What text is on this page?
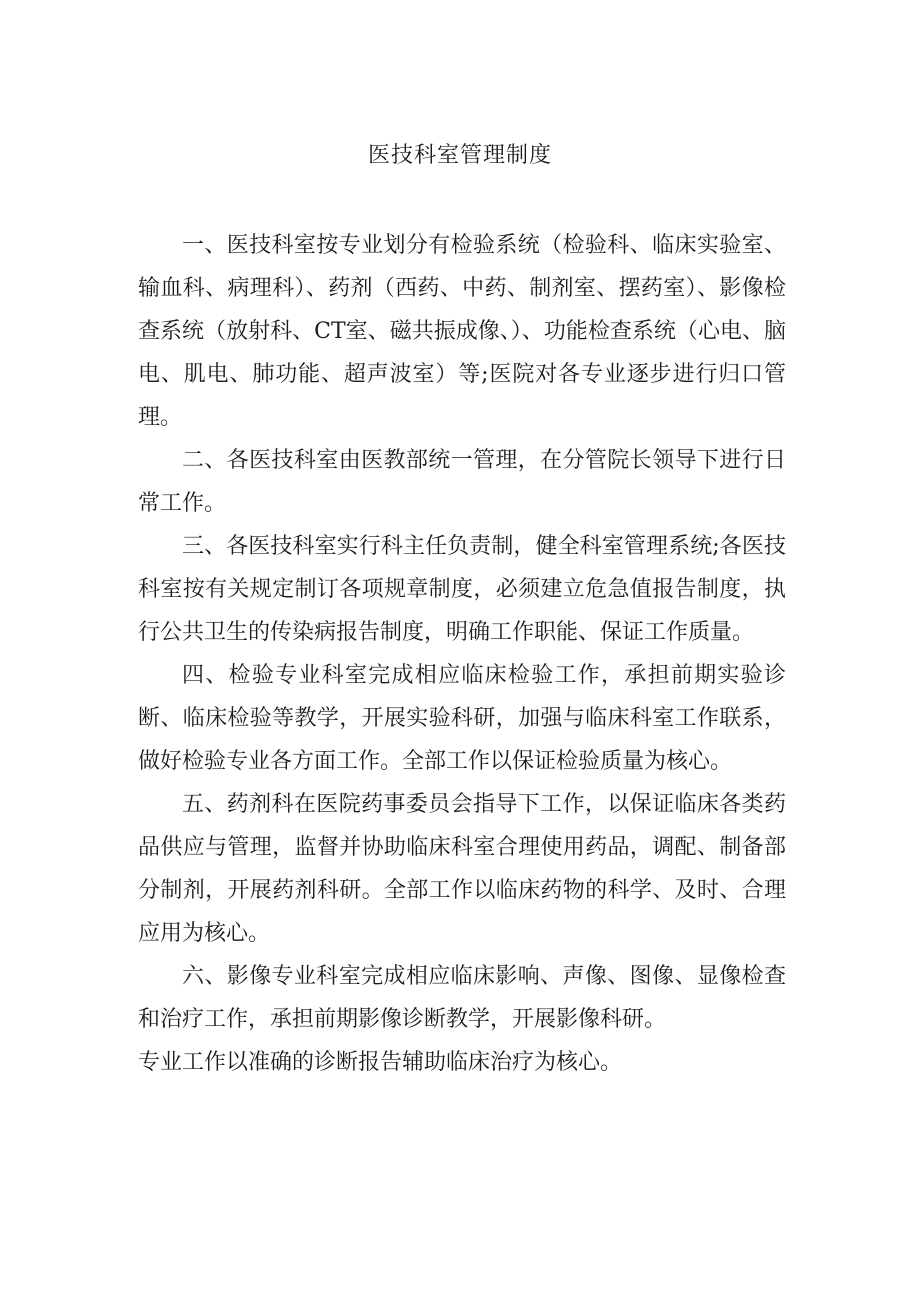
医技科室管理制度

一、医技科室按专业划分有检验系统（检验科、临床实验室、输血科、病理科）、药剂（西药、中药、制剂室、摆药室）、影像检查系统（放射科、CT室、磁共振成像、）、功能检查系统（心电、脑电、肌电、肺功能、超声波室）等;医院对各专业逐步进行归口管理。

二、各医技科室由医教部统一管理，在分管院长领导下进行日常工作。

三、各医技科室实行科主任负责制，健全科室管理系统;各医技科室按有关规定制订各项规章制度，必须建立危急值报告制度，执行公共卫生的传染病报告制度，明确工作职能、保证工作质量。

四、检验专业科室完成相应临床检验工作，承担前期实验诊断、临床检验等教学，开展实验科研，加强与临床科室工作联系，做好检验专业各方面工作。全部工作以保证检验质量为核心。

五、药剂科在医院药事委员会指导下工作，以保证临床各类药品供应与管理，监督并协助临床科室合理使用药品，调配、制备部分制剂，开展药剂科研。全部工作以临床药物的科学、及时、合理应用为核心。

六、影像专业科室完成相应临床影响、声像、图像、显像检查和治疗工作，承担前期影像诊断教学，开展影像科研。

专业工作以准确的诊断报告辅助临床治疗为核心。
